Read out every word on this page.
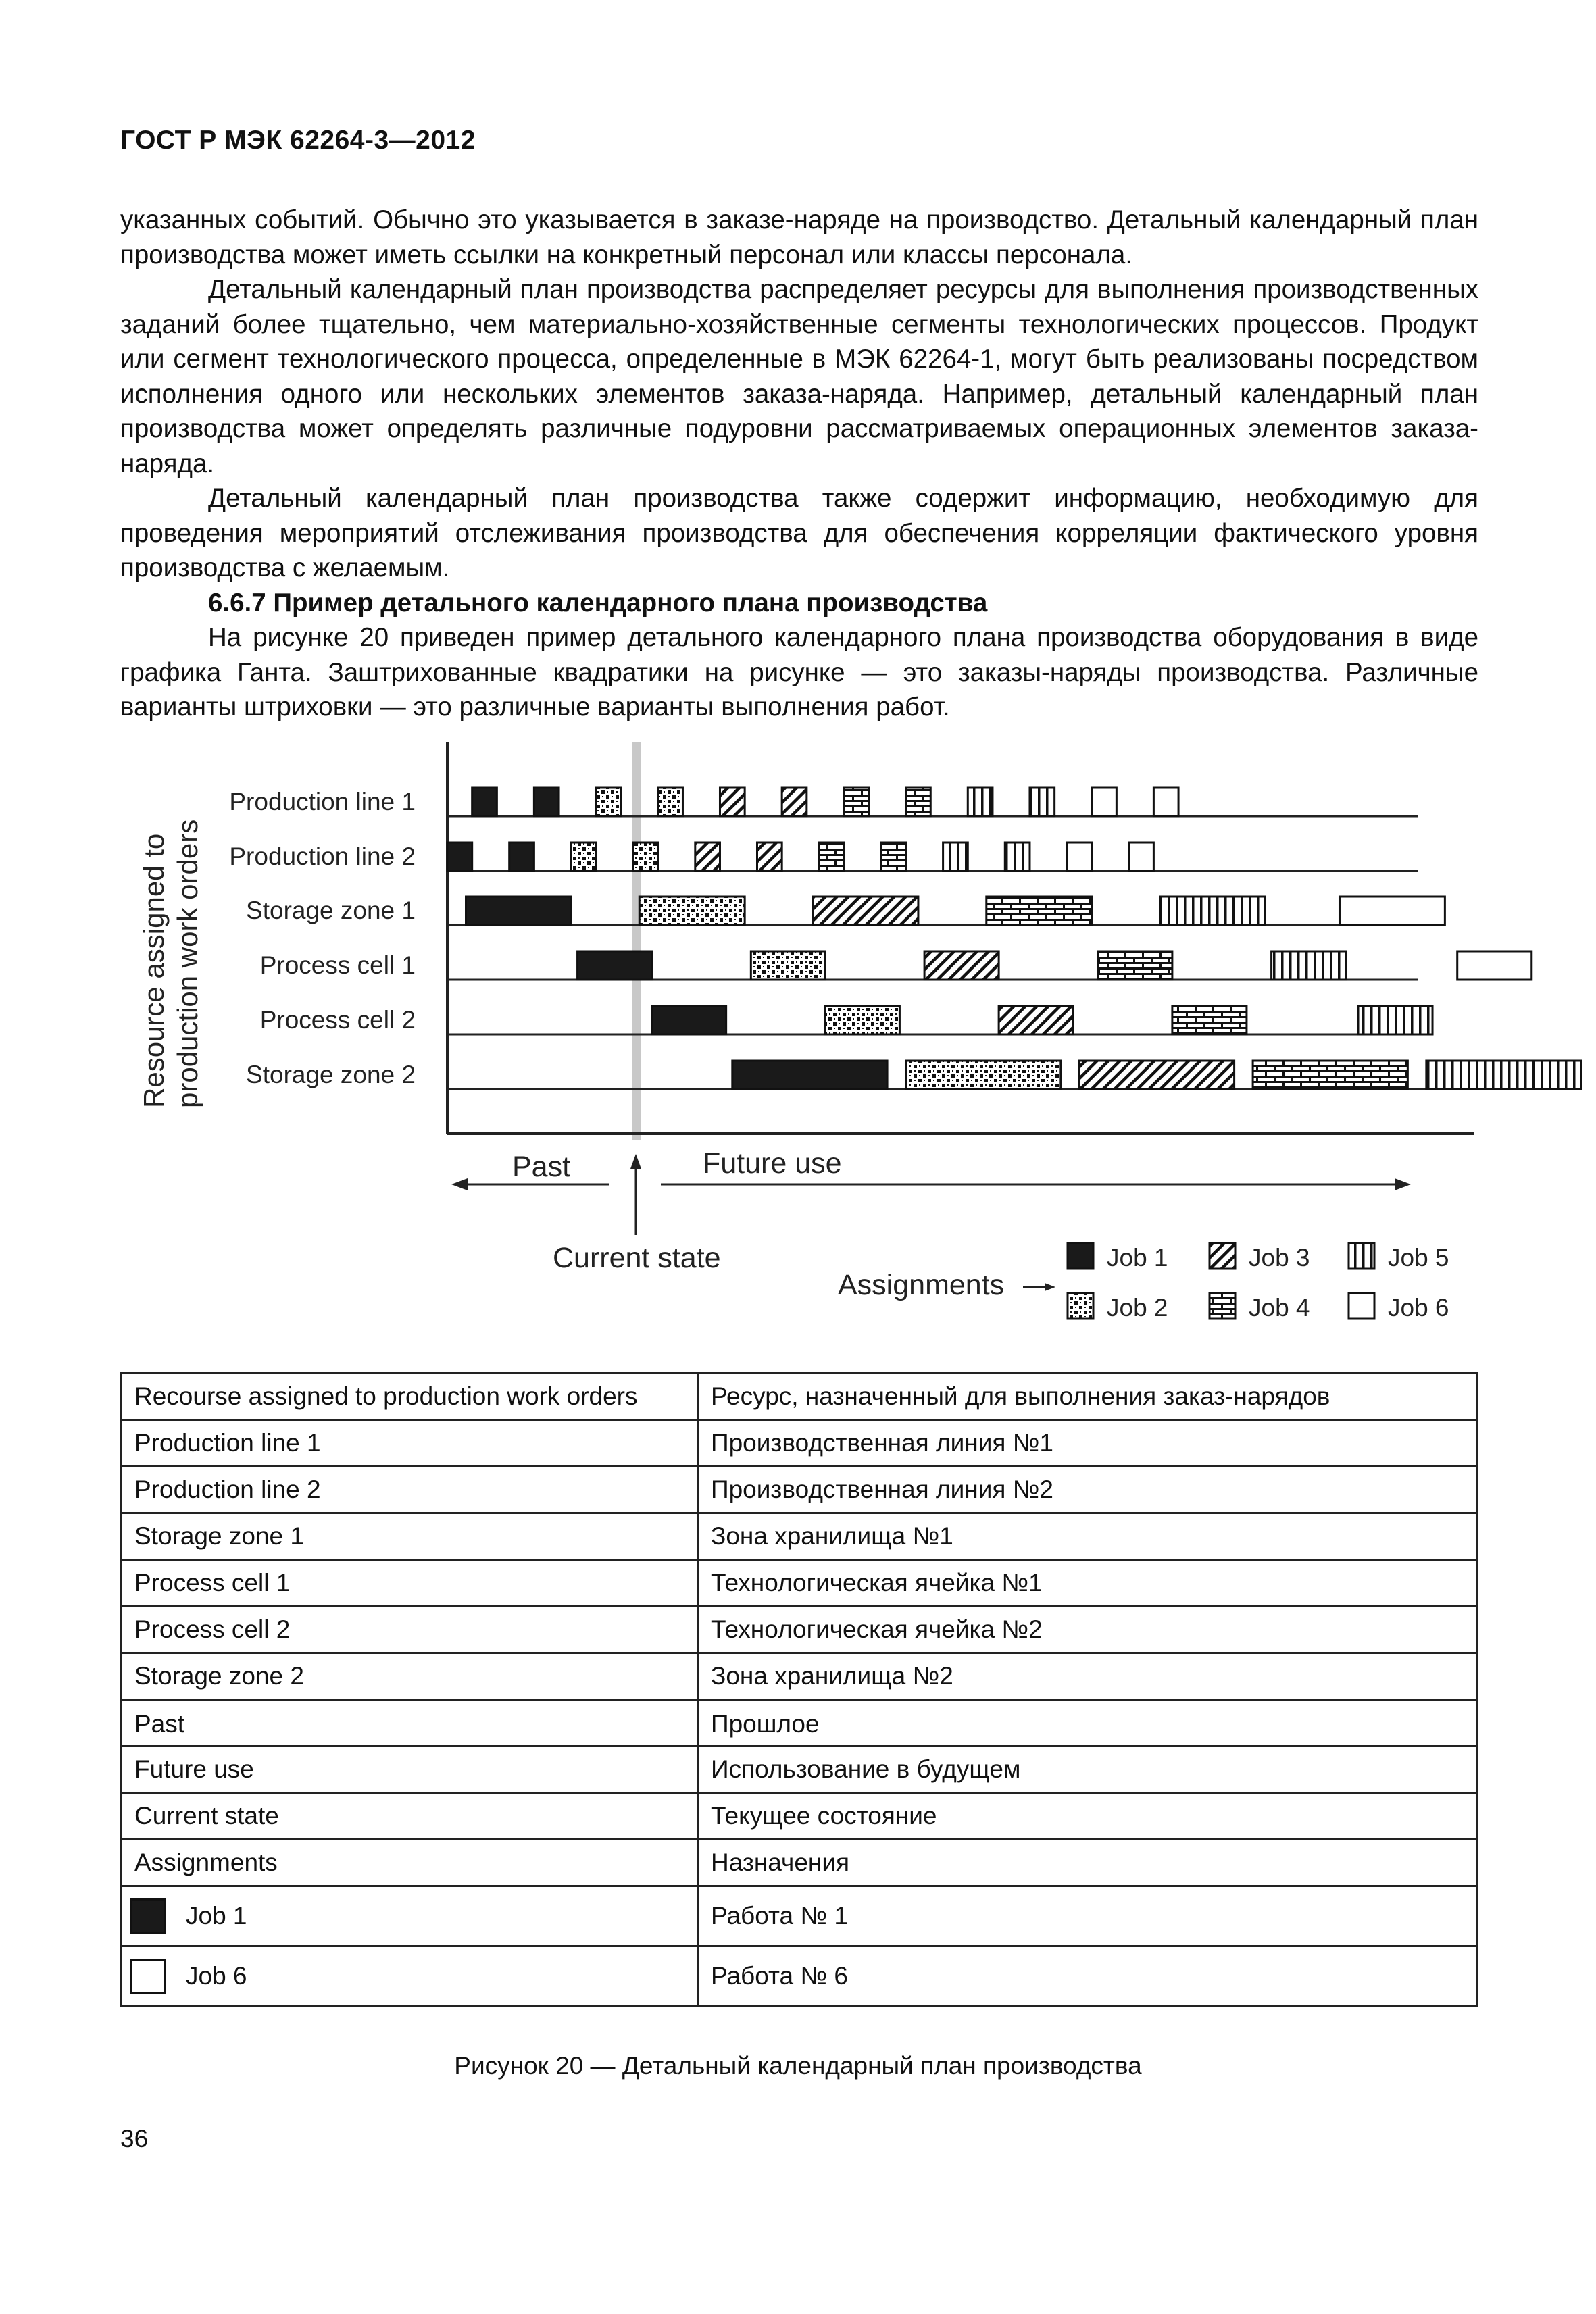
ГОСТ Р МЭК 62264-3—2012

указанных событий. Обычно это указывается в заказе-наряде на производство. Детальный календарный план производства может иметь ссылки на конкретный персонал или классы персонала.

Детальный календарный план производства распределяет ресурсы для выполнения производственных заданий более тщательно, чем материально-хозяйственные сегменты технологических процессов. Продукт или сегмент технологического процесса, определенные в МЭК 62264-1, могут быть реализованы посредством исполнения одного или нескольких элементов заказа-наряда. Например, детальный календарный план производства может определять различные подуровни рассматриваемых операционных элементов заказа-наряда.

Детальный календарный план производства также содержит информацию, необходимую для проведения мероприятий отслеживания производства для обеспечения корреляции фактического уровня производства с желаемым.

6.6.7 Пример детального календарного плана производства

На рисунке 20 приведен пример детального календарного плана производства оборудования в виде графика Ганта. Заштрихованные квадратики на рисунке — это заказы-наряды производства. Различные варианты штриховки — это различные варианты выполнения работ.

Resource assigned toproduction work orders
Past	Future use
Current state
Assignments
Production line 1
Production line 2
Storage zone 1
Process cell 1
Process cell 2
Storage zone 2
Job 1	Job 3	Job 5
Job 2	Job 4	Job 6
Recourse assigned to production work orders	Ресурс, назначенный для выполнения заказ-нарядов
Production line 1	Производственная линия №1
Production line 2	Производственная линия №2
Storage zone 1	Зона хранилища №1
Process cell 1	Технологическая ячейка №1
Process cell 2	Технологическая ячейка №2
Storage zone 2	Зона хранилища №2
Past	Прошлое
Future use	Использование в будущем
Current state	Текущее состояние
Assignments	Назначения

Job 1	Работа № 1

Job 6	Работа № 6
Рисунок 20 — Детальный календарный план производства
36
